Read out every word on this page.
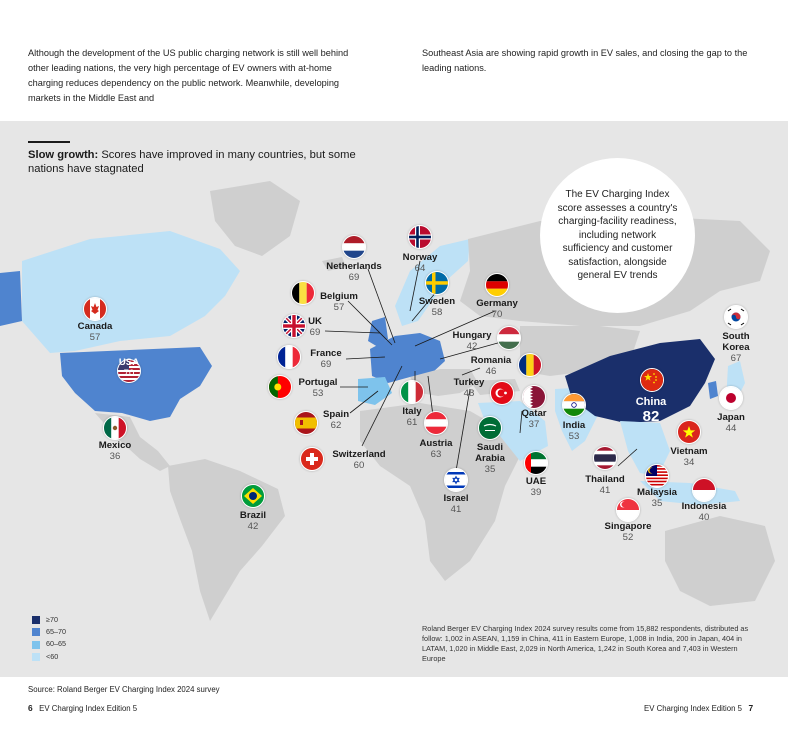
Although the development of the US public charging network is still well behind other leading nations, the very high percentage of EV owners with at-home charging reduces dependency on the public network. Meanwhile, developing markets in the Middle East and
Southeast Asia are showing rapid growth in EV sales, and closing the gap to the leading nations.
Slow growth: Scores have improved in many countries, but some nations have stagnated
The EV Charging Index score assesses a country's charging-facility readiness, including network sufficiency and customer satisfaction, alongside general EV trends
Canada
57
USA
70
Mexico
36
Brazil
42
Netherlands
69
Norway
64
Belgium
57
Sweden
58
Germany
70
UK
69	Hungary
42
France
69	Romania
46
Portugal
53
Turkey
48
Spain
62
Italy
61
Qatar
37
Switzerland
60
Austria
63
Saudi
Arabia
35
UAE
39
Israel
41
India
53
China
82
South
Korea
67
Japan
44
Vietnam
34
Thailand
41	Malaysia
35	Indonesia
40
Singapore
52
≥70
65–70
60–65
<60
Roland Berger EV Charging Index 2024 survey results come from 15,882 respondents, distributed as follow: 1,002 in ASEAN, 1,159 in China, 411 in Eastern Europe, 1,008 in India, 200 in Japan, 404 in LATAM, 1,020 in Middle East, 2,029 in North America, 1,242 in South Korea and 7,403 in Western Europe
Source: Roland Berger EV Charging Index 2024 survey
6 EV Charging Index Edition 5	EV Charging Index Edition 5 7
